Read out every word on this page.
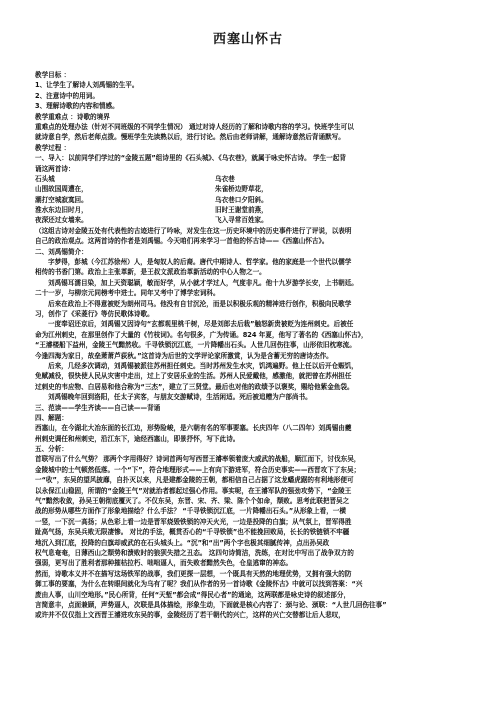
西塞山怀古
教学目标 ：
1、让学生了解诗人刘禹锡的生平。
2、注意诗中的用词。
3、理解诗歌的内容和情感。
教学重难点 ：诗歌的境界
重难点的处理办法（针对不同班级的不同学生情况） 通过对诗人经历的了解和诗歌内容的学习。快班学生可以
就诗意自学，然后老师点拨。慢班学生先读熟以后，进行讨论。然后由老师讲解，通解诗意然后背诵默写。
教学过程 ：
一、导入：以前同学们学过的“金陵五题”组诗里的《石头城》、《乌衣巷》，就属于咏史怀古诗。 学生一起背
诵这两首诗：
石头城	乌衣巷
山围故国周遭在，	朱雀桥边野草花，
潮打空城寂寞回。	乌衣巷口夕阳斜。
淮水东边旧时月，	旧时王谢堂前燕，
夜深还过女墙来。	飞入寻常百姓家。
（这组古诗对金陵五处有代表性的古迹进行了吟咏，对发生在这一历史环境中的历史事件进行了评说，以表明
自己的政治观点。这两首诗的作者是刘禹锡。今天咱们再来学习一首他的怀古诗——《西塞山怀古》。
二、刘禹锡简介：
字梦得，彭城（今江苏徐州）人，是匈奴人的后裔。唐代中期诗人、哲学家。他的家庭是一个世代以儒学
相传的书香门第。政治上主张革新，是王叔文派政治革新活动的中心人物之一。
刘禹锡耳濡目染，加上天资聪颖，敏而好学，从小就才学过人，气度非凡。他十九岁游学长安，上书朝廷。
二十一岁，与柳宗元同榜考中进士。同年又考中了博学宏词科。
后来在政治上不得意被贬为朗州司马。他没有自甘沉沦，而是以积极乐观的精神进行创作，积极向民歌学
习，创作了《采菱行》等仿民歌体诗歌。
一度奉诏还京后，刘禹锡又因诗句“玄都观里桃千树，尽是刘郎去后栽”触怒新贵被贬为连州刺史。后被任
命为江州刺史，在那里创作了大量的《竹枝词》。名句很多，广为传诵。824 年夏，他写了著名的《西塞山怀古》，
“王濬楼船下益州，金陵王气黯然收。千寻铁锁沉江底，一片降幡出石头。人世几回伤往事，山形依旧枕寒流。
今逢四海为家日，故垒萧萧芦荻秋。”这首诗为后世的文学评论家所激赏，认为是含蓄无穷的唐诗杰作。
后来，几经多次调动，刘禹锡被派往苏州担任刺史。当时苏州发生水灾，饥鸿遍野。他上任以后开仓赈饥，
免赋减役，很快使人民从灾害中走出，过上了安居乐业的生活。苏州人民爱戴他，感激他，就把曾在苏州担任
过刺史的韦应物、白居易和他合称为“三杰”，建立了三贤堂。最后也对他的政绩予以褒奖，赐给他紫金鱼袋。
刘禹锡晚年回到洛阳，任太子宾客，与朋友交游赋诗，生活闲适。死后被追赠为户部尚书。
三、范读——学生齐读——自己读——背诵
四、解题：
西塞山，在今湖北大冶东面的长江边，形势险峻，是六朝有名的军事要塞。长庆四年（八二四年）刘禹锡由夔
州刺史调任和州刺史，沿江东下，途经西塞山，即景抒怀，写下此诗。
五、分析：
首联写出了什么气势？ 那两个字用得好？诗词首两句写西晋王濬率领着庞大威武的战船，顺江而下，讨伐东吴，
金陵城中的士气顿然低落。一个“下”，符合地理形式——上有向下游进军，符合历史事实——西晋攻下了东吴；
一“收”，东吴的望风披靡，自扑灭以来，凡是建都金陵的王朝，都相信自己占据了这龙蟠虎踞的有利地形便可
以永保江山稳固，所谓的“金陵王气”对就治者都起过强心作用。事实呢，在王濬军队的强劲攻势下，“金陵王
气”黯然收敛，孙吴王朝彻底覆灭了。不仅东吴，东晋、宋、齐、梁、陈个个如命，颓败。思考此联把晋吴之
战的形势从哪些方面作了形象地描绘？什么手法？ “千寻铁锁沉江底，一片降幡出石头。”从形象上看，一横
一竖，一下沉一高扬；从色彩上看一边是晋军烧毁铁锁的冲天火光，一边是投降的白旗；从气氛上，晋军得胜
趾高气扬，东吴兵败无限凄惨。 对比的手法，概贯否心的“千寻铁锁”也不能挽回败局，长长的铁链锁不牢疆
地沉入到江底，投降的白旗却威武的在石头城头上。“沉”和“出”两个字也极其细腻传神，点出孙吴政
权气息奄奄，日薄西山之颓势和溃败时的狼狈失措之丑态。 这四句诗简洁，洗练，在对比中写出了战争双方的
强弱，更写出了胜利者那种摧枯拉朽、咄咄逼人，而失败者黯然失色，仓皇逃窜的神态。
然而，诗歌本义并不在描写这场铁军的战事，我们更探一层想，一个既具有天然的地理优势，又拥有强大的防
御工事的要塞，为什么在转眼间就化为乌有了呢？我们从作者的另一首诗歌《金陵怀古》中就可以找到答案：“兴
废由人事，山川空地形。”民心所背，任何“天堑”都会成“得民心者”的通途，这两联都是咏史诗的叙述部分，
言简意丰，点面兼顾，声势逼人，次联是具体描绘，形象生动，下面就是核心内容了：颈与论、颈联：“人世几回伤往事”
或许并不仅仅指上文西晋王濬进攻东吴的事，金陵经历了若干朝代的兴亡，这样的兴亡交替都让后人悲叹，
